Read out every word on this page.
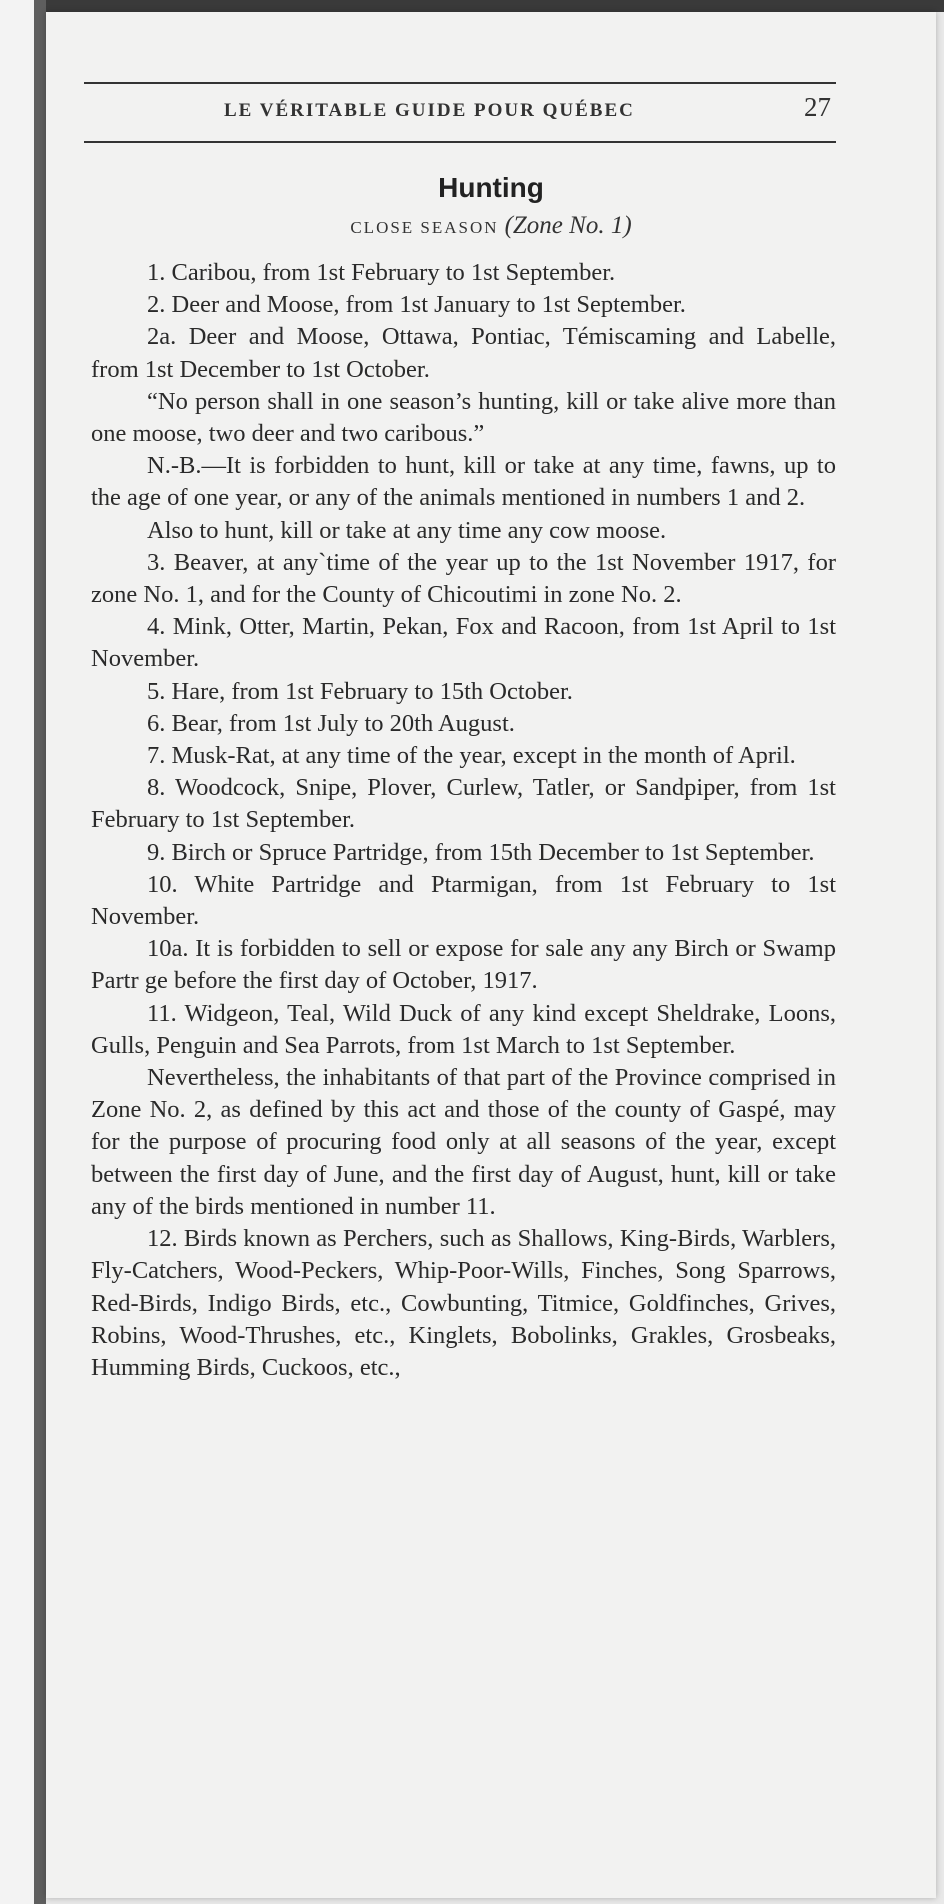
LE VÉRITABLE GUIDE POUR QUÉBEC	27
Hunting
CLOSE SEASON (Zone No. 1)

1. Caribou, from 1st February to 1st September.

2. Deer and Moose, from 1st January to 1st September.

2a. Deer and Moose, Ottawa, Pontiac, Témiscaming and Labelle, from 1st December to 1st October.

“No person shall in one season’s hunting, kill or take alive more than one moose, two deer and two caribous.”

N.-B.—It is forbidden to hunt, kill or take at any time, fawns, up to the age of one year, or any of the animals mentioned in numbers 1 and 2.

Also to hunt, kill or take at any time any cow moose.

3. Beaver, at any`time of the year up to the 1st November 1917, for zone No. 1, and for the County of Chicoutimi in zone No. 2.

4. Mink, Otter, Martin, Pekan, Fox and Racoon, from 1st April to 1st November.

5. Hare, from 1st February to 15th October.

6. Bear, from 1st July to 20th August.

7. Musk-Rat, at any time of the year, except in the month of April.

8. Woodcock, Snipe, Plover, Curlew, Tatler, or Sandpiper, from 1st February to 1st September.

9. Birch or Spruce Partridge, from 15th December to 1st September.

10. White Partridge and Ptarmigan, from 1st February to 1st November.

10a. It is forbidden to sell or expose for sale any any Birch or Swamp Partr ge before the first day of October, 1917.

11. Widgeon, Teal, Wild Duck of any kind except Sheldrake, Loons, Gulls, Penguin and Sea Parrots, from 1st March to 1st September.

Nevertheless, the inhabitants of that part of the Province comprised in Zone No. 2, as defined by this act and those of the county of Gaspé, may for the purpose of procuring food only at all seasons of the year, except between the first day of June, and the first day of August, hunt, kill or take any of the birds mentioned in number 11.

12. Birds known as Perchers, such as Shallows, King-Birds, Warblers, Fly-Catchers, Wood-Peckers, Whip-Poor-Wills, Finches, Song Sparrows, Red-Birds, Indigo Birds, etc., Cowbunting, Titmice, Goldfinches, Grives, Robins, Wood-Thrushes, etc., Kinglets, Bobolinks, Grakles, Grosbeaks, Humming Birds, Cuckoos, etc.,
